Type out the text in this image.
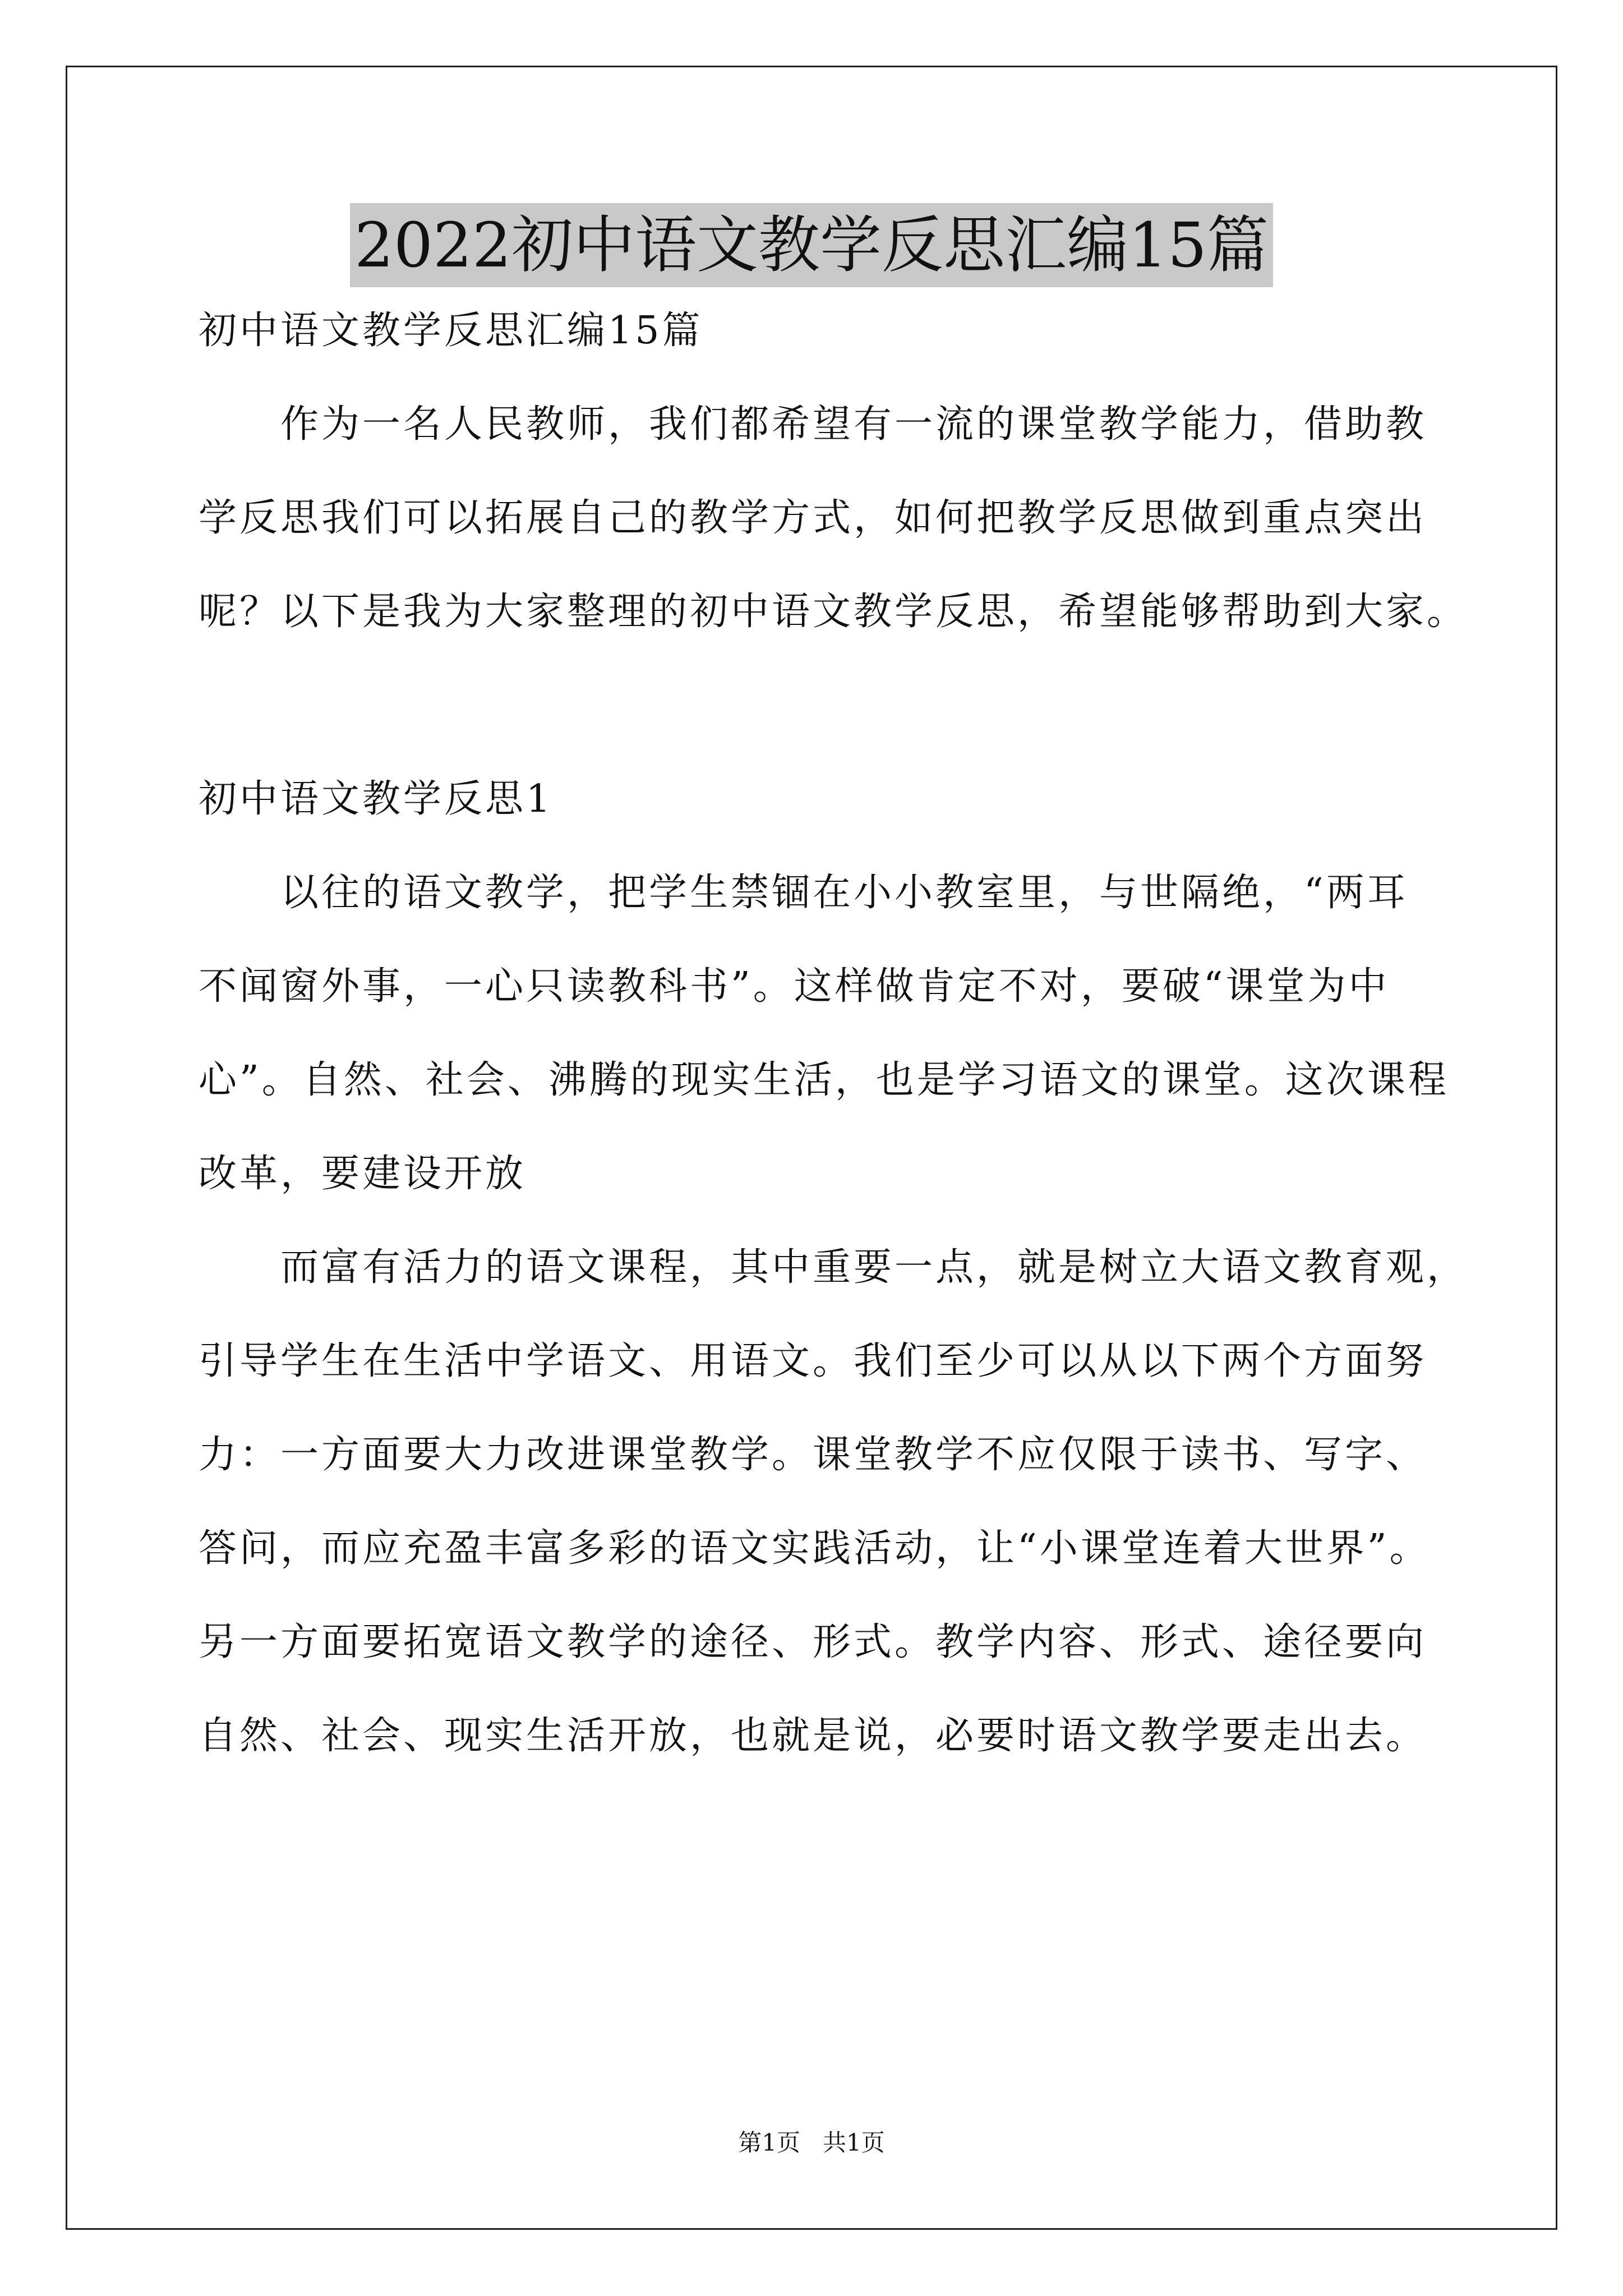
2022初中语文教学反思汇编15篇
初中语文教学反思汇编15篇
作为一名人民教师，我们都希望有一流的课堂教学能力，借助教
学反思我们可以拓展自己的教学方式，如何把教学反思做到重点突出
呢？以下是我为大家整理的初中语文教学反思，希望能够帮助到大家。
初中语文教学反思1
以往的语文教学，把学生禁锢在小小教室里，与世隔绝，“两耳
不闻窗外事，一心只读教科书”。这样做肯定不对，要破“课堂为中
心”。自然、社会、沸腾的现实生活，也是学习语文的课堂。这次课程
改革，要建设开放
而富有活力的语文课程，其中重要一点，就是树立大语文教育观，
引导学生在生活中学语文、用语文。我们至少可以从以下两个方面努
力：一方面要大力改进课堂教学。课堂教学不应仅限于读书、写字、
答问，而应充盈丰富多彩的语文实践活动，让“小课堂连着大世界”。
另一方面要拓宽语文教学的途径、形式。教学内容、形式、途径要向
自然、社会、现实生活开放，也就是说，必要时语文教学要走出去。
第1页 共1页
